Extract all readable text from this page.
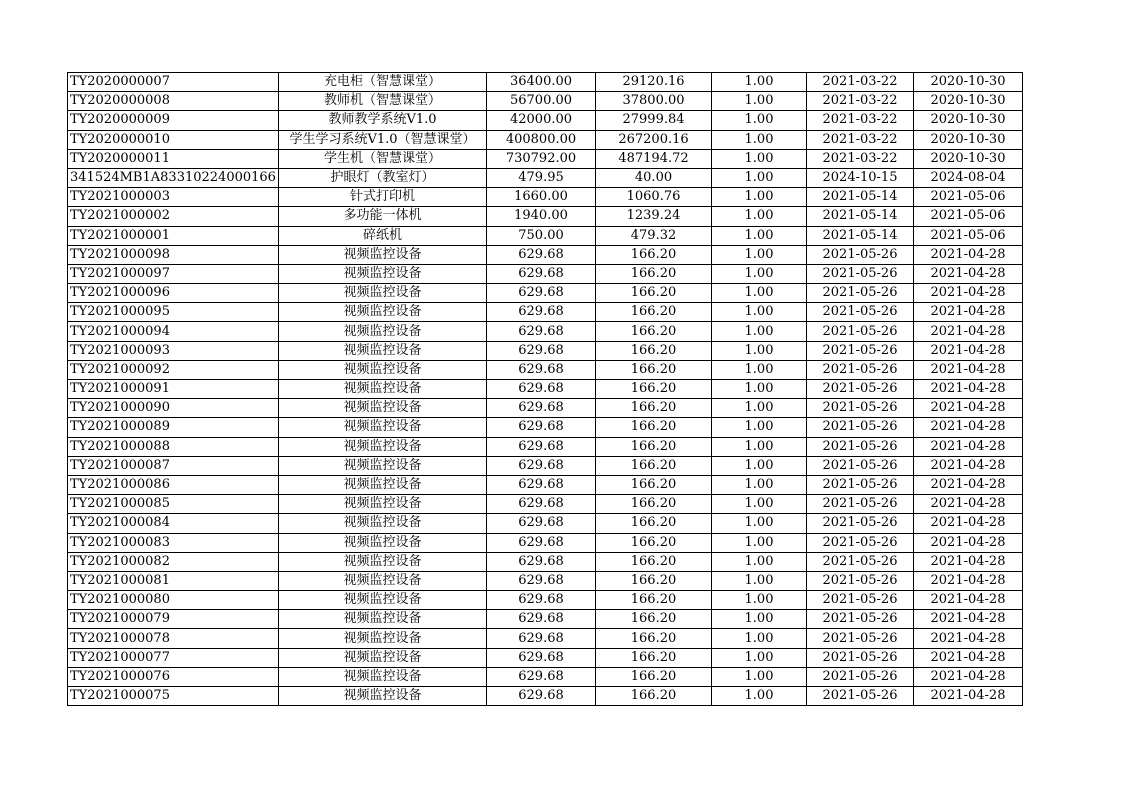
TY2020000007	充电柜（智慧课堂）	36400.00	29120.16	1.00	2021-03-22	2020-10-30
TY2020000008	教师机（智慧课堂）	56700.00	37800.00	1.00	2021-03-22	2020-10-30
TY2020000009	教师教学系统V1.0	42000.00	27999.84	1.00	2021-03-22	2020-10-30
TY2020000010	学生学习系统V1.0（智慧课堂）	400800.00	267200.16	1.00	2021-03-22	2020-10-30
TY2020000011	学生机（智慧课堂）	730792.00	487194.72	1.00	2021-03-22	2020-10-30
341524MB1A83310224000166	护眼灯（教室灯）	479.95	40.00	1.00	2024-10-15	2024-08-04
TY2021000003	针式打印机	1660.00	1060.76	1.00	2021-05-14	2021-05-06
TY2021000002	多功能一体机	1940.00	1239.24	1.00	2021-05-14	2021-05-06
TY2021000001	碎纸机	750.00	479.32	1.00	2021-05-14	2021-05-06
TY2021000098	视频监控设备	629.68	166.20	1.00	2021-05-26	2021-04-28
TY2021000097	视频监控设备	629.68	166.20	1.00	2021-05-26	2021-04-28
TY2021000096	视频监控设备	629.68	166.20	1.00	2021-05-26	2021-04-28
TY2021000095	视频监控设备	629.68	166.20	1.00	2021-05-26	2021-04-28
TY2021000094	视频监控设备	629.68	166.20	1.00	2021-05-26	2021-04-28
TY2021000093	视频监控设备	629.68	166.20	1.00	2021-05-26	2021-04-28
TY2021000092	视频监控设备	629.68	166.20	1.00	2021-05-26	2021-04-28
TY2021000091	视频监控设备	629.68	166.20	1.00	2021-05-26	2021-04-28
TY2021000090	视频监控设备	629.68	166.20	1.00	2021-05-26	2021-04-28
TY2021000089	视频监控设备	629.68	166.20	1.00	2021-05-26	2021-04-28
TY2021000088	视频监控设备	629.68	166.20	1.00	2021-05-26	2021-04-28
TY2021000087	视频监控设备	629.68	166.20	1.00	2021-05-26	2021-04-28
TY2021000086	视频监控设备	629.68	166.20	1.00	2021-05-26	2021-04-28
TY2021000085	视频监控设备	629.68	166.20	1.00	2021-05-26	2021-04-28
TY2021000084	视频监控设备	629.68	166.20	1.00	2021-05-26	2021-04-28
TY2021000083	视频监控设备	629.68	166.20	1.00	2021-05-26	2021-04-28
TY2021000082	视频监控设备	629.68	166.20	1.00	2021-05-26	2021-04-28
TY2021000081	视频监控设备	629.68	166.20	1.00	2021-05-26	2021-04-28
TY2021000080	视频监控设备	629.68	166.20	1.00	2021-05-26	2021-04-28
TY2021000079	视频监控设备	629.68	166.20	1.00	2021-05-26	2021-04-28
TY2021000078	视频监控设备	629.68	166.20	1.00	2021-05-26	2021-04-28
TY2021000077	视频监控设备	629.68	166.20	1.00	2021-05-26	2021-04-28
TY2021000076	视频监控设备	629.68	166.20	1.00	2021-05-26	2021-04-28
TY2021000075	视频监控设备	629.68	166.20	1.00	2021-05-26	2021-04-28
